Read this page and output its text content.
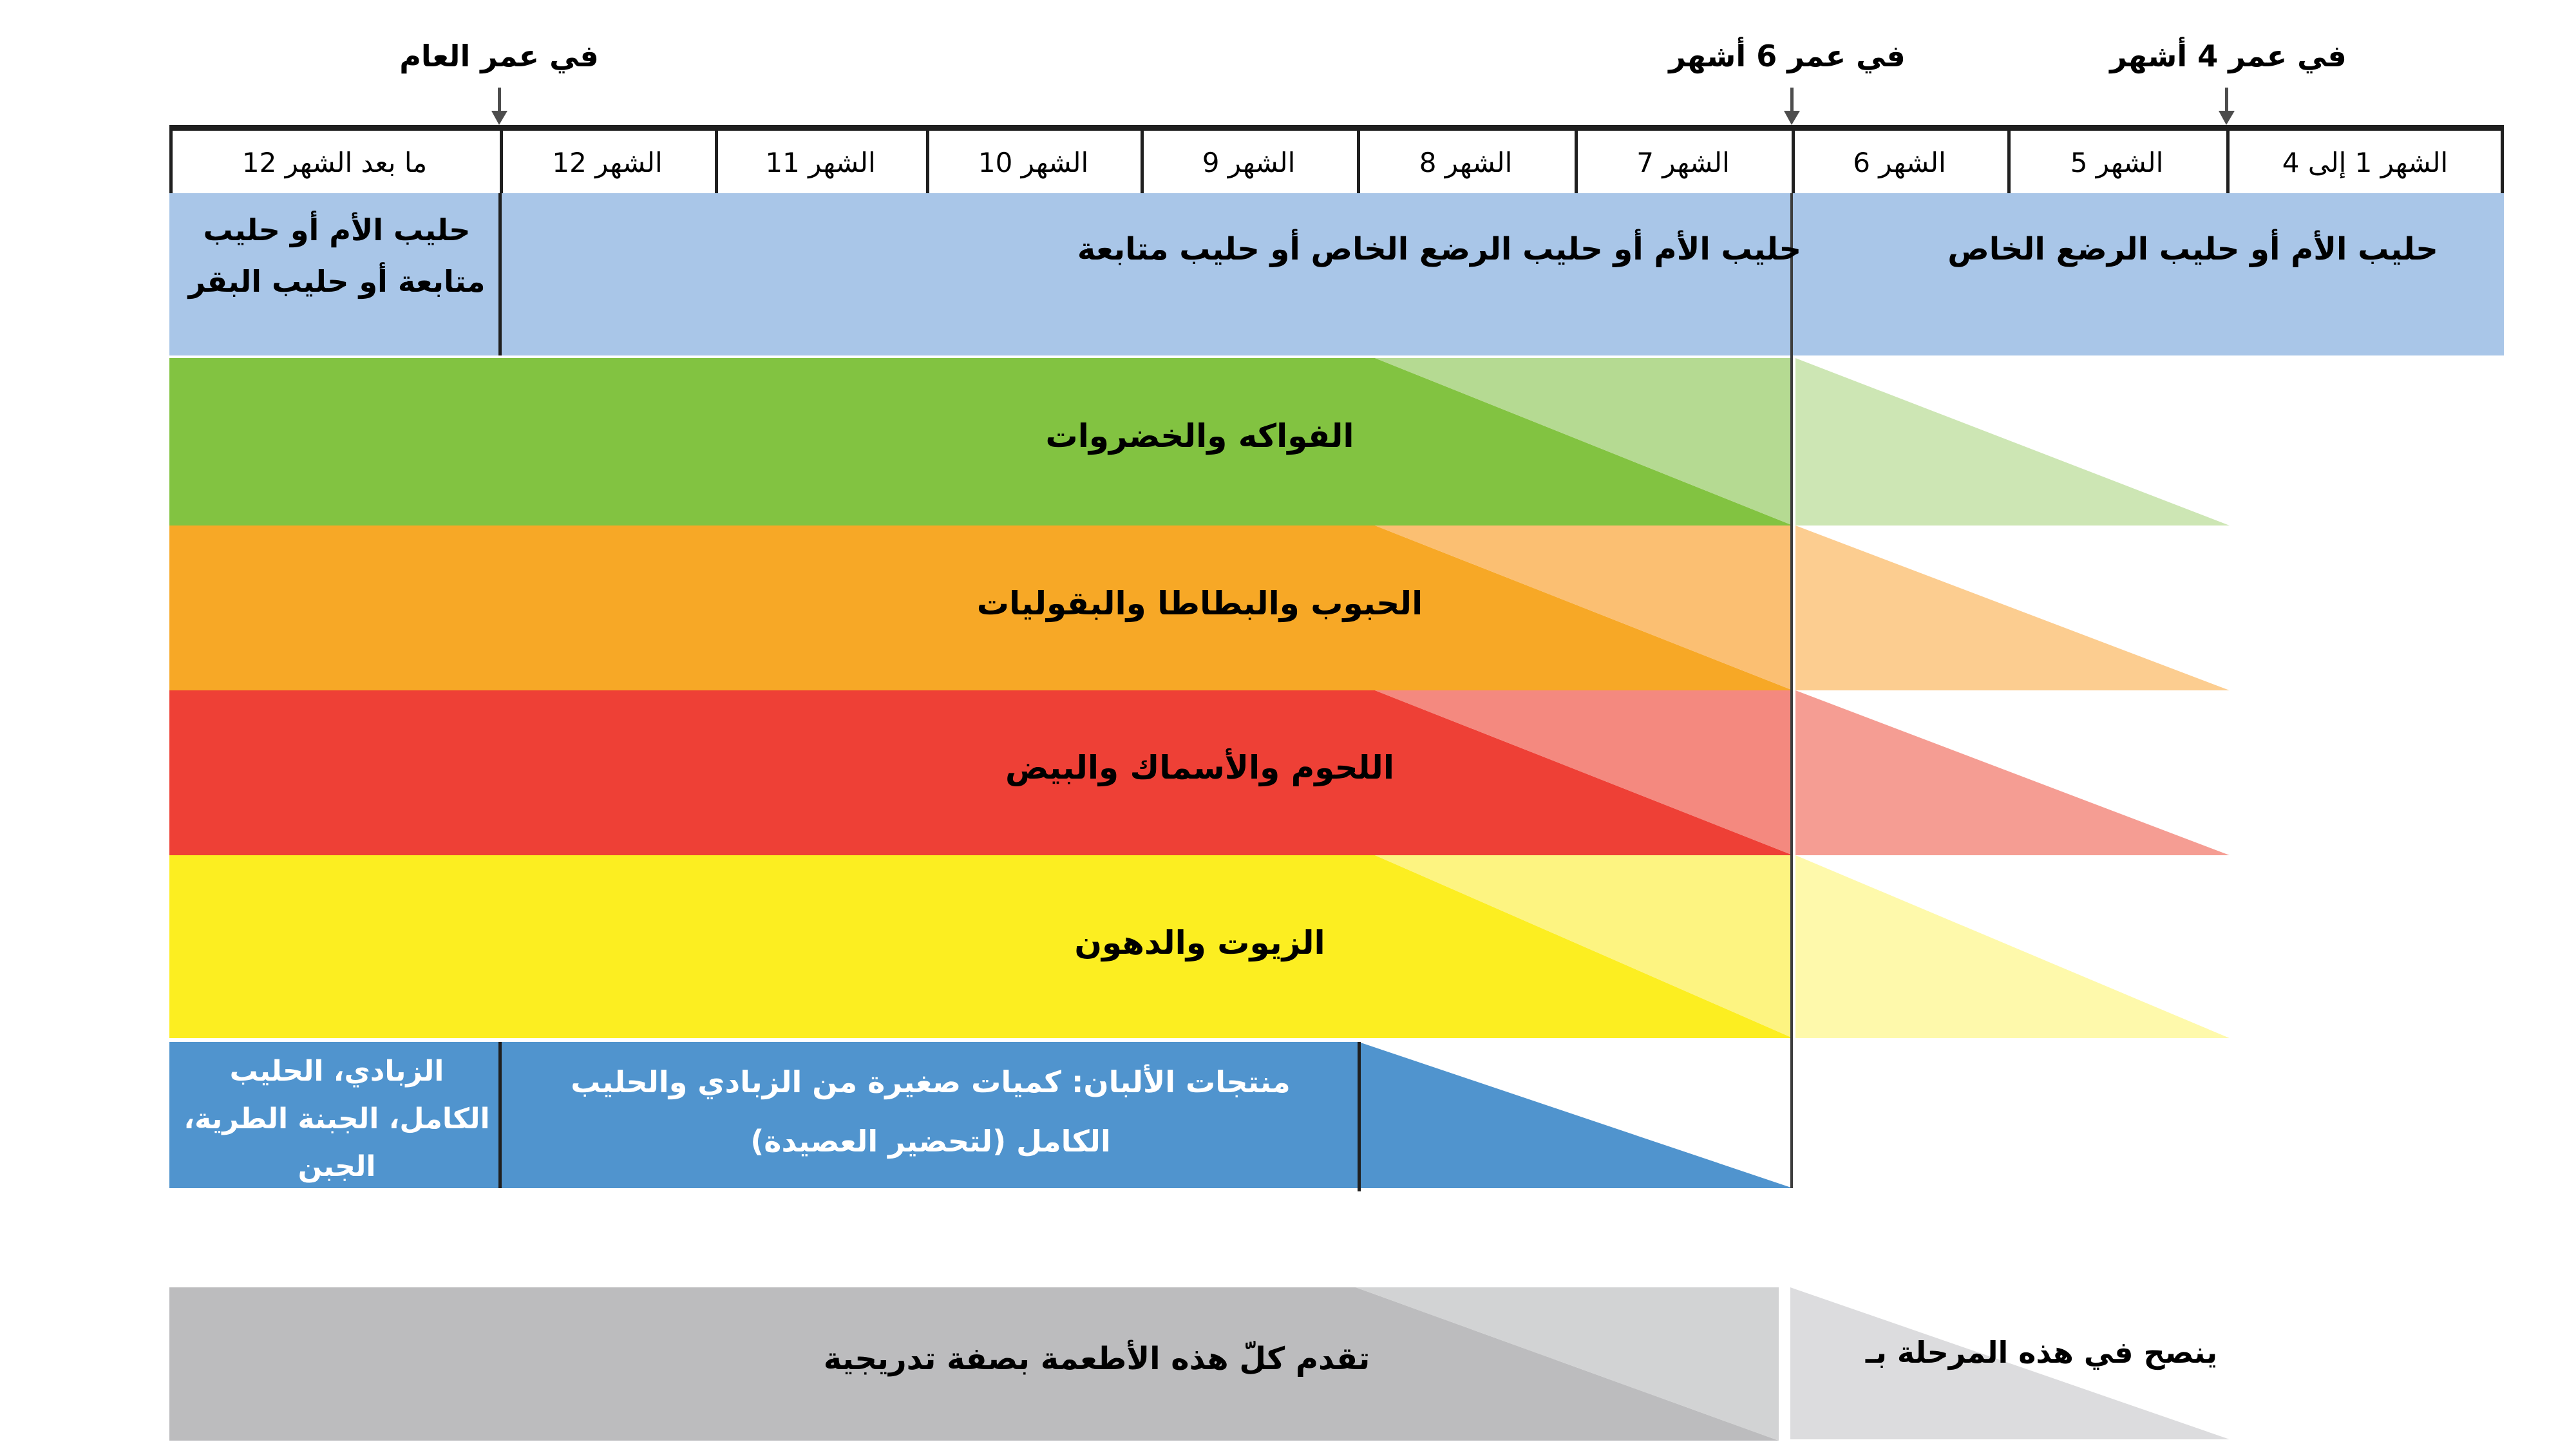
في عمر العام	في عمر 6 أشهر	في عمر 4 أشهر
الشهر 1 إلى 4
الشهر 5
الشهر 6
الشهر 7
الشهر 8
الشهر 9
الشهر 10
الشهر 11
الشهر 12
ما بعد الشهر 12
حليب الأم أو حليب الرضع الخاص
حليب الأم أو حليب الرضع الخاص أو حليب متابعة
حليب الأم أو حليب
متابعة أو حليب البقر
الفواكه والخضروات
الحبوب والبطاطا والبقوليات
اللحوم والأسماك والبيض
الزيوت والدهون
منتجات الألبان: كميات صغيرة من الزبادي والحليب
الكامل (لتحضير العصيدة)
الزبادي، الحليب
الكامل، الجبنة الطرية،
الجبن
تقدم كلّ هذه الأطعمة بصفة تدريجية	ينصح في هذه المرحلة بـ
